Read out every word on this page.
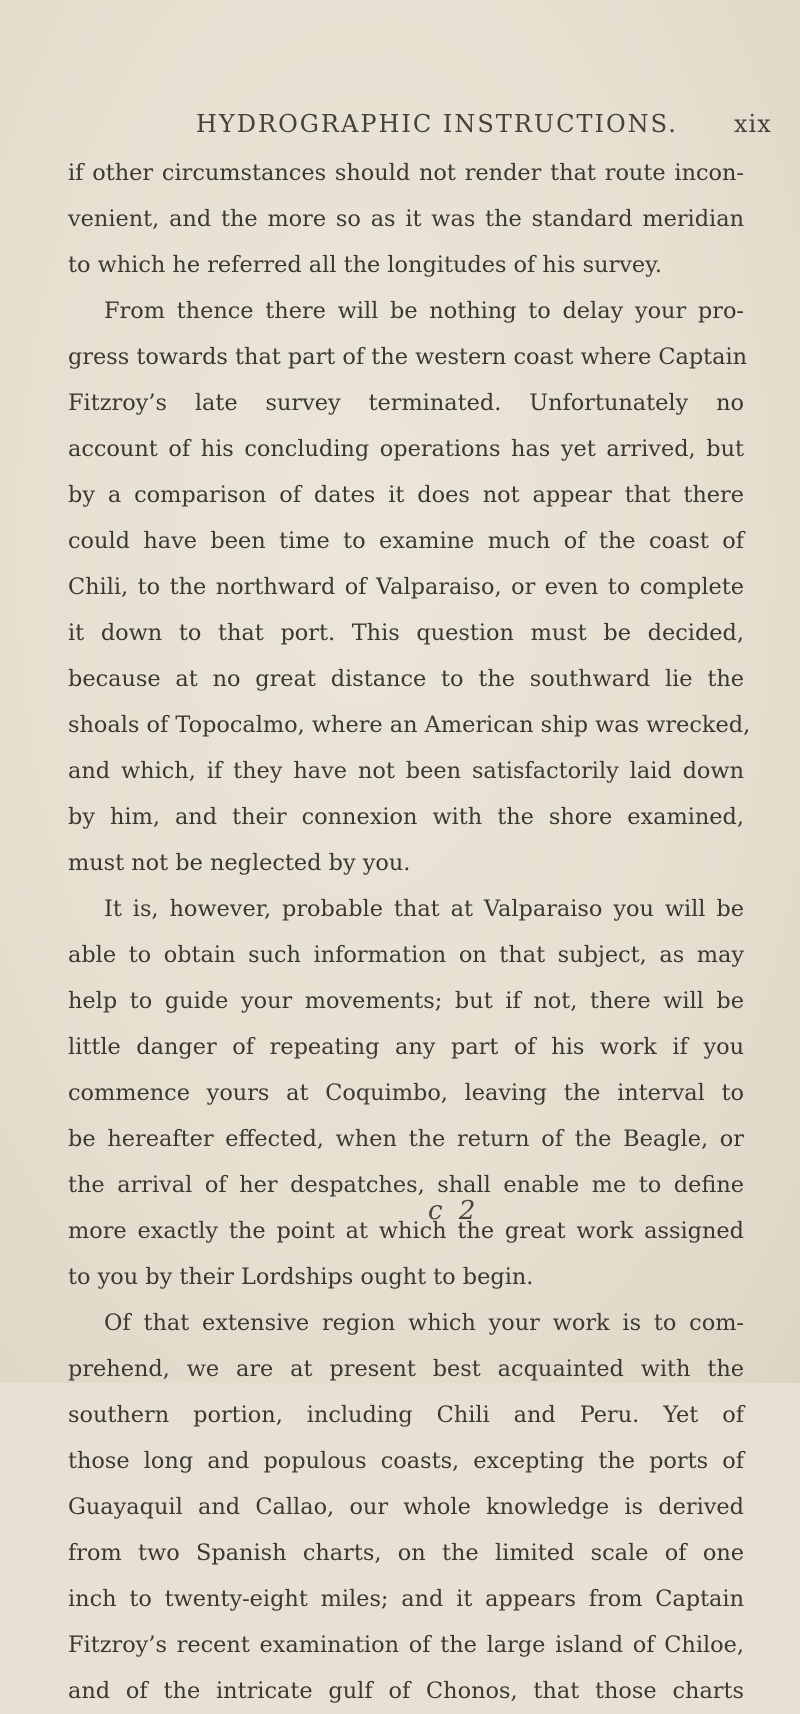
HYDROGRAPHIC INSTRUCTIONS. xix
if other circumstances should not render that route incon-
venient, and the more so as it was the standard meridian
to which he referred all the longitudes of his survey.
From thence there will be nothing to delay your pro-
gress towards that part of the western coast where Captain
Fitzroy’s late survey terminated. Unfortunately no
account of his concluding operations has yet arrived, but
by a comparison of dates it does not appear that there
could have been time to examine much of the coast of
Chili, to the northward of Valparaiso, or even to complete
it down to that port. This question must be decided,
because at no great distance to the southward lie the
shoals of Topocalmo, where an American ship was wrecked,
and which, if they have not been satisfactorily laid down
by him, and their connexion with the shore examined,
must not be neglected by you.
It is, however, probable that at Valparaiso you will be
able to obtain such information on that subject, as may
help to guide your movements; but if not, there will be
little danger of repeating any part of his work if you
commence yours at Coquimbo, leaving the interval to
be hereafter effected, when the return of the Beagle, or
the arrival of her despatches, shall enable me to define
more exactly the point at which the great work assigned
to you by their Lordships ought to begin.
Of that extensive region which your work is to com-
prehend, we are at present best acquainted with the
southern portion, including Chili and Peru. Yet of
those long and populous coasts, excepting the ports of
Guayaquil and Callao, our whole knowledge is derived
from two Spanish charts, on the limited scale of one
inch to twenty-eight miles; and it appears from Captain
Fitzroy’s recent examination of the large island of Chiloe,
and of the intricate gulf of Chonos, that those charts
c 2
